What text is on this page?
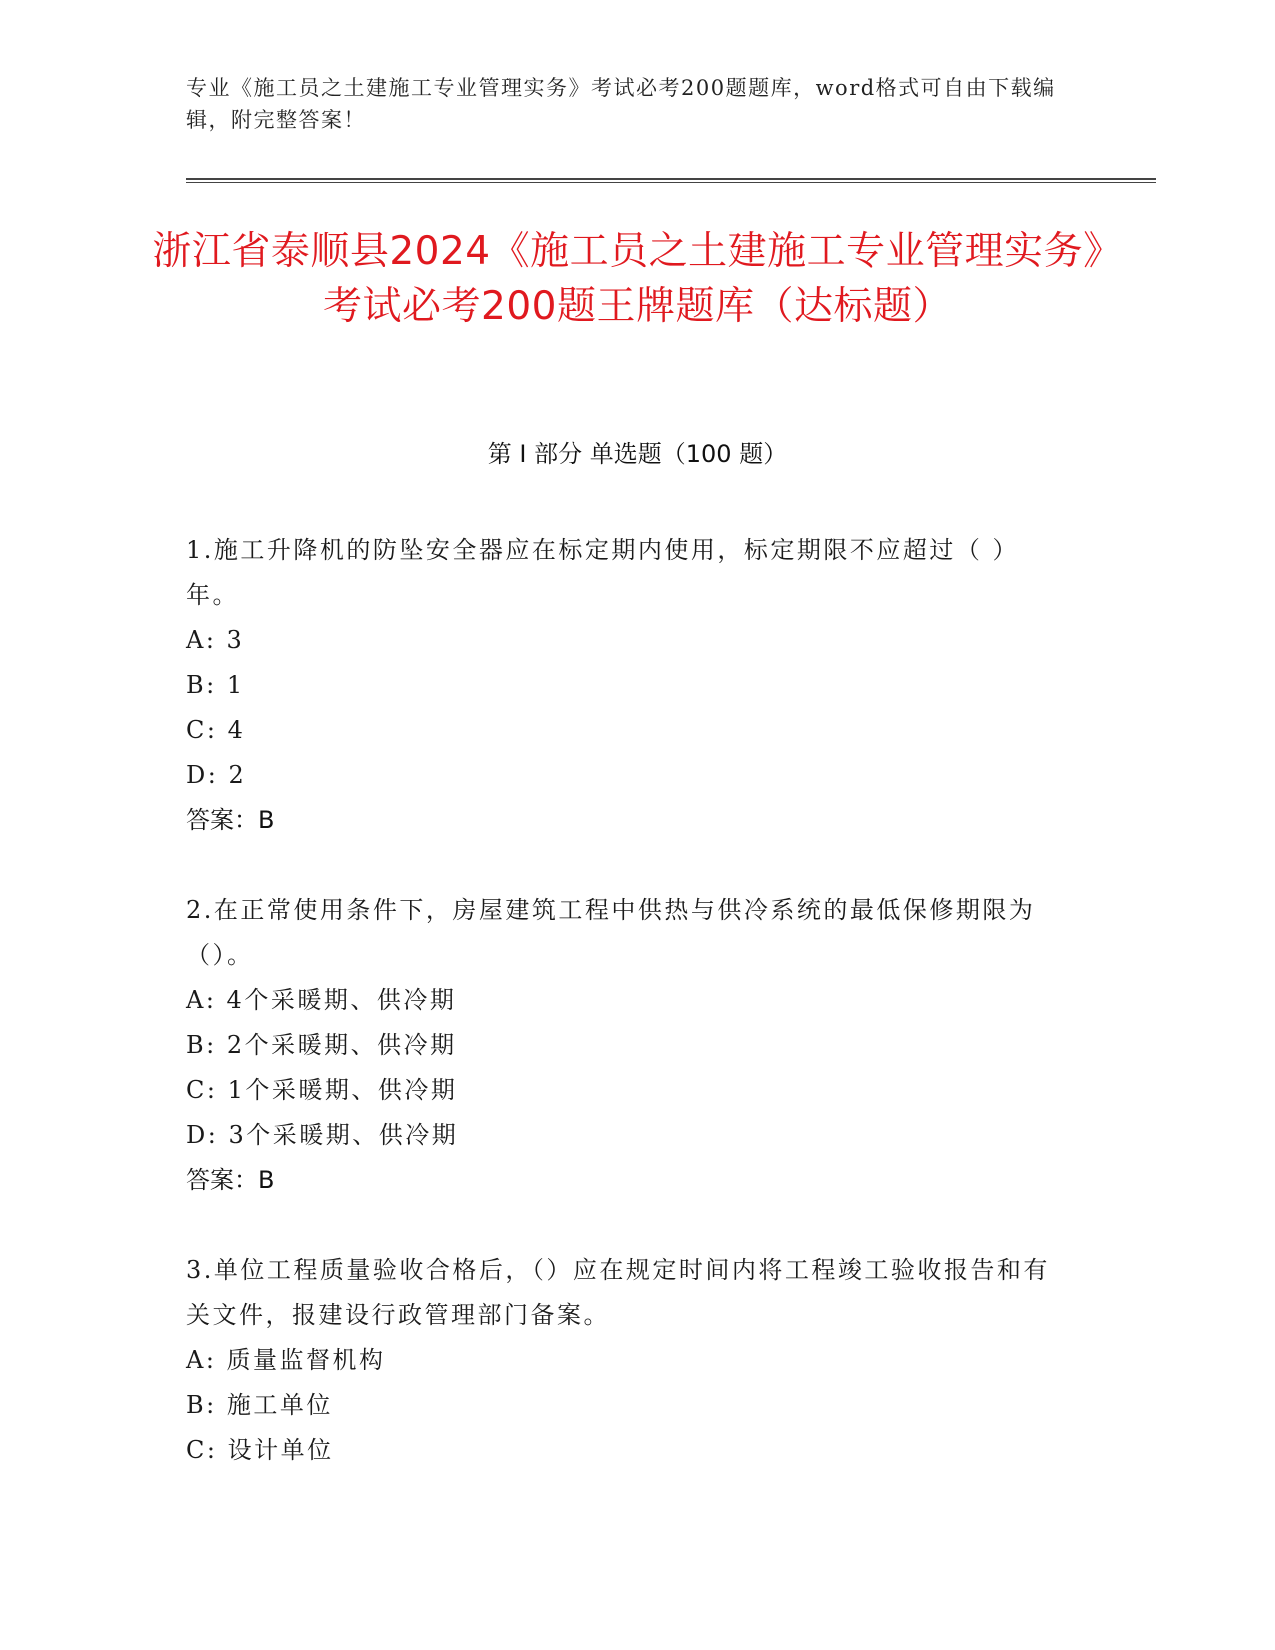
专业《施工员之土建施工专业管理实务》考试必考200题题库，word格式可自由下载编辑，附完整答案！
浙江省泰顺县2024《施工员之土建施工专业管理实务》考试必考200题王牌题库（达标题）
第 I 部分 单选题（100 题）
1.施工升降机的防坠安全器应在标定期内使用，标定期限不应超过（ ）年。
A: 3
B: 1
C: 4
D: 2
答案：B
2.在正常使用条件下，房屋建筑工程中供热与供冷系统的最低保修期限为（）。
A: 4个采暖期、供冷期
B: 2个采暖期、供冷期
C: 1个采暖期、供冷期
D: 3个采暖期、供冷期
答案：B
3.单位工程质量验收合格后，（）应在规定时间内将工程竣工验收报告和有关文件，报建设行政管理部门备案。
A: 质量监督机构
B: 施工单位
C: 设计单位
